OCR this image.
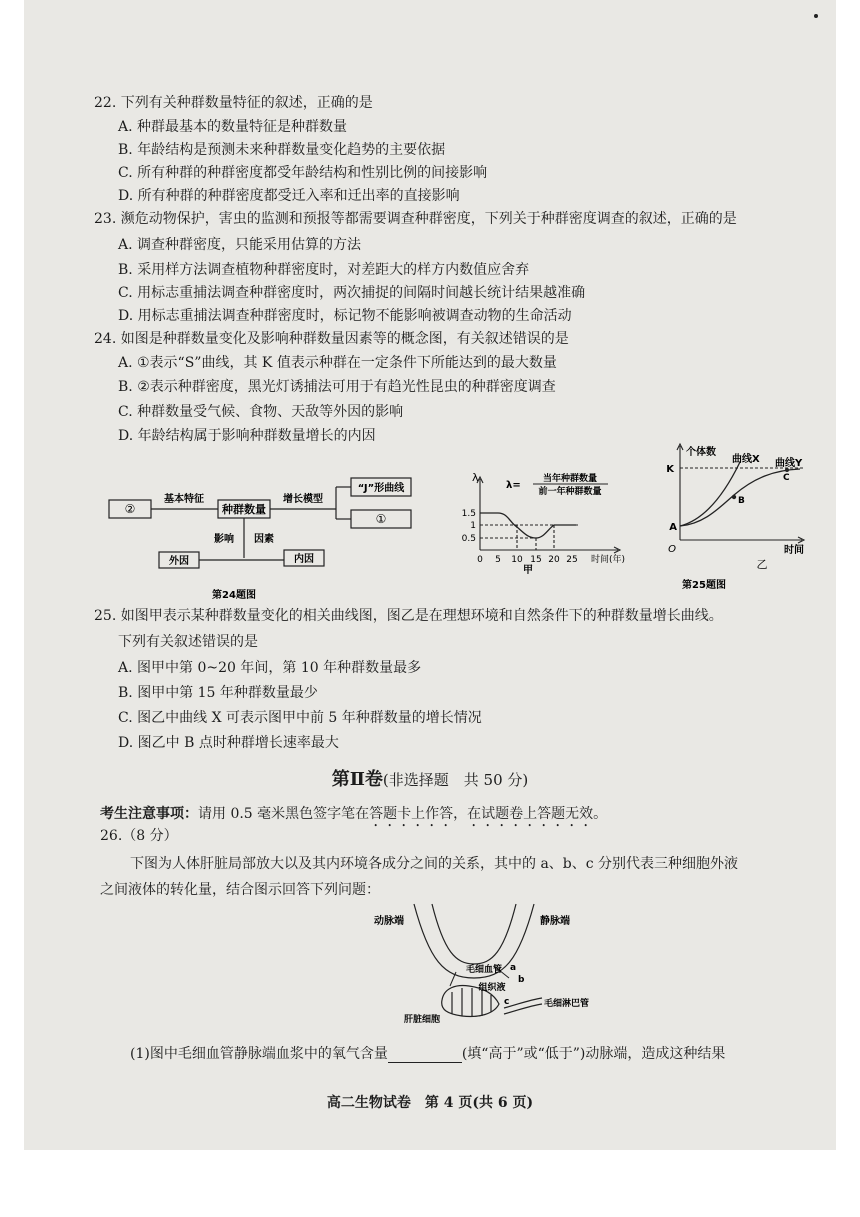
22. 下列有关种群数量特征的叙述，正确的是
A. 种群最基本的数量特征是种群数量
B. 年龄结构是预测未来种群数量变化趋势的主要依据
C. 所有种群的种群密度都受年龄结构和性别比例的间接影响
D. 所有种群的种群密度都受迁入率和迁出率的直接影响
23. 濒危动物保护，害虫的监测和预报等都需要调查种群密度，下列关于种群密度调查的叙述，正确的是
A. 调查种群密度，只能采用估算的方法
B. 采用样方法调查植物种群密度时，对差距大的样方内数值应舍弃
C. 用标志重捕法调查种群密度时，两次捕捉的间隔时间越长统计结果越准确
D. 用标志重捕法调查种群密度时，标记物不能影响被调查动物的生命活动
24. 如图是种群数量变化及影响种群数量因素等的概念图，有关叙述错误的是
A. ①表示“S”曲线，其 K 值表示种群在一定条件下所能达到的最大数量
B. ②表示种群密度，黑光灯诱捕法可用于有趋光性昆虫的种群密度调查
C. 种群数量受气候、食物、天敌等外因的影响
D. 年龄结构属于影响种群数量增长的内因
②
基本特征
种群数量
增长模型
“J”形曲线
①
影响 因素
外因	内因
第24题图
λ
λ=
当年种群数量
前一年种群数量
1.5
1
0.5
0 5 10 15 20 25 时间(年)
甲
个体数
曲线X 曲线Y
K
A
B
C
O	时间
乙
第25题图
25. 如图甲表示某种群数量变化的相关曲线图，图乙是在理想环境和自然条件下的种群数量增长曲线。
下列有关叙述错误的是
A. 图甲中第 0~20 年间，第 10 年种群数量最多
B. 图甲中第 15 年种群数量最少
C. 图乙中曲线 X 可表示图甲中前 5 年种群数量的增长情况
D. 图乙中 B 点时种群增长速率最大
第Ⅱ卷(非选择题　共 50 分)
考生注意事项：请用 0.5 毫米黑色签字笔在答题卡上作答，在试题卷上答题无效。
26.（8 分）
下图为人体肝脏局部放大以及其内环境各成分之间的关系，其中的 a、b、c 分别代表三种细胞外液
之间液体的转化量，结合图示回答下列问题：
动脉端	静脉端
毛细血管 a
b
组织液
c	毛细淋巴管
肝脏细胞
(1)图中毛细血管静脉端血浆中的氧气含量	(填“高于”或“低于”)动脉端，造成这种结果
高二生物试卷　第 4 页(共 6 页)
